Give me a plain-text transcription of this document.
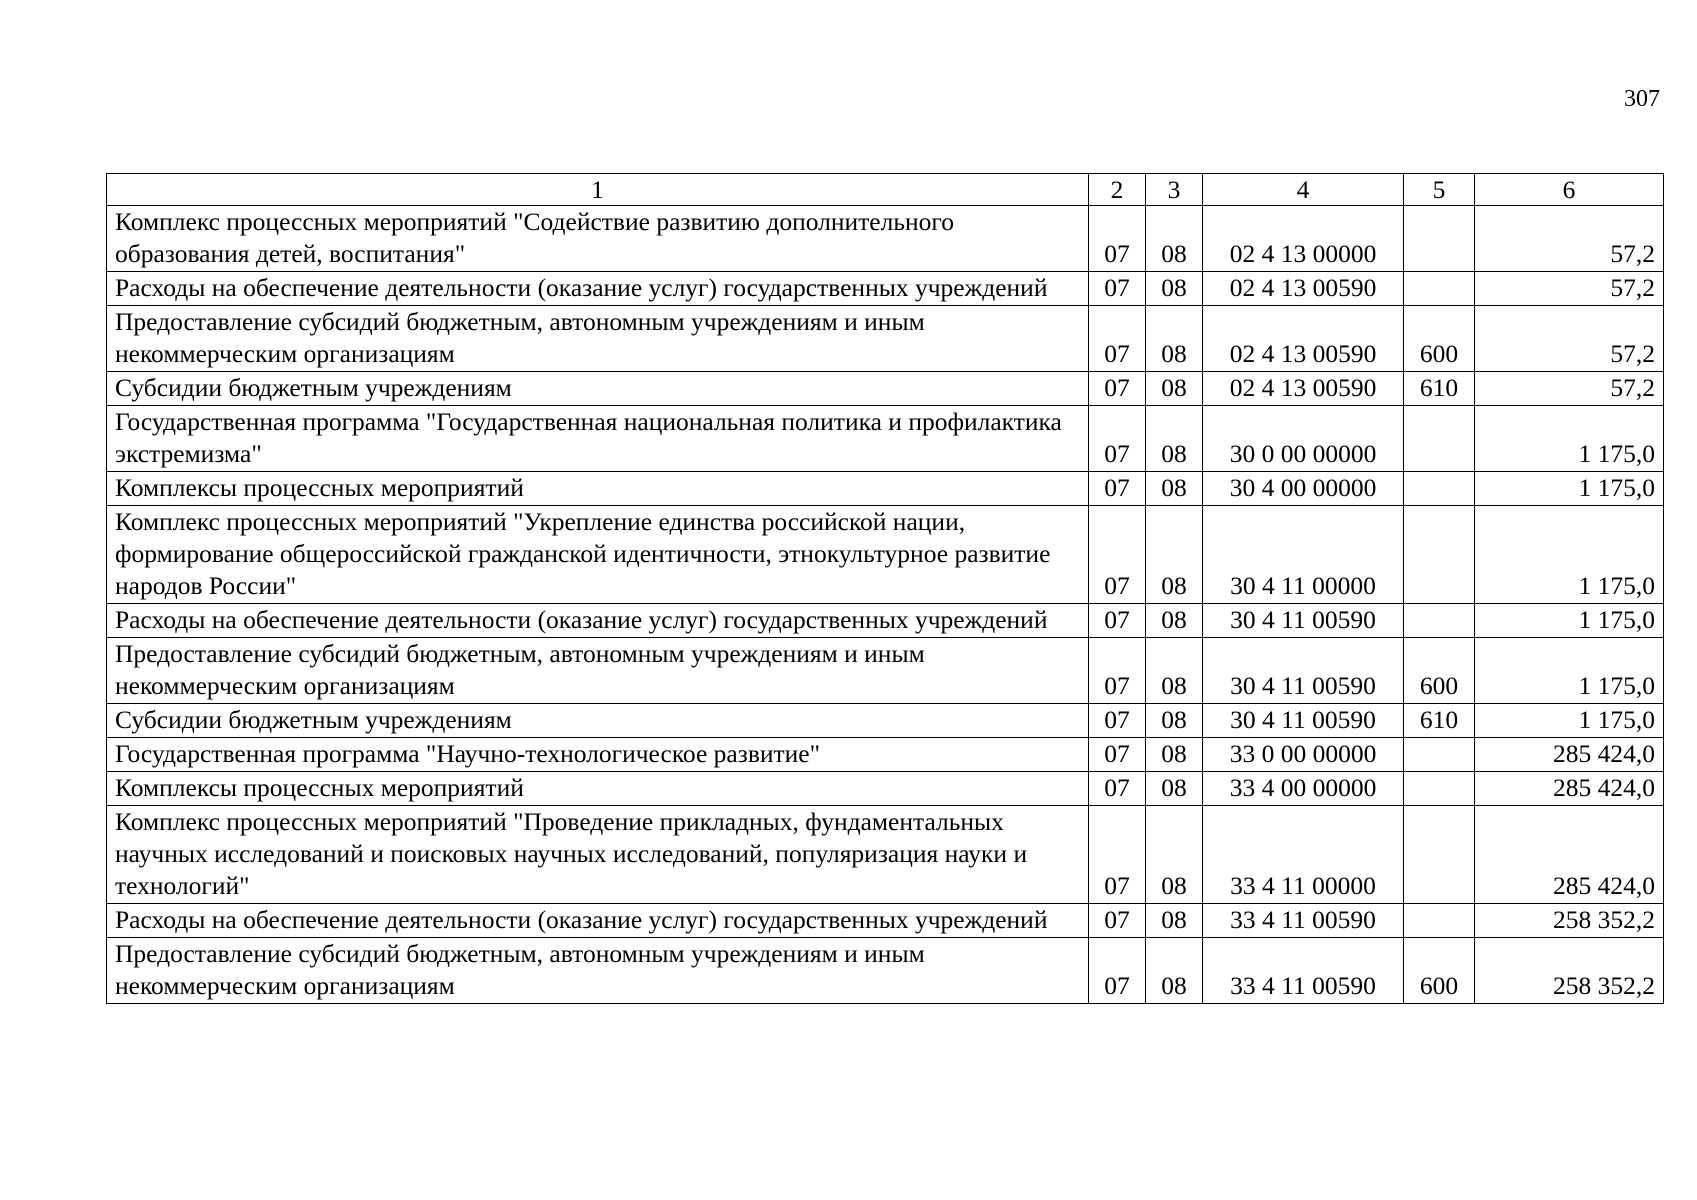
307
1	2	3	4	5	6
Комплекс процессных мероприятий "Содействие развитию дополнительного образования детей, воспитания"	07	08	02 4 13 00000		57,2
Расходы на обеспечение деятельности (оказание услуг) государственных учреждений	07	08	02 4 13 00590		57,2
Предоставление субсидий бюджетным, автономным учреждениям и иным некоммерческим организациям	07	08	02 4 13 00590	600	57,2
Субсидии бюджетным учреждениям	07	08	02 4 13 00590	610	57,2
Государственная программа "Государственная национальная политика и профилактика экстремизма"	07	08	30 0 00 00000		1 175,0
Комплексы процессных мероприятий	07	08	30 4 00 00000		1 175,0
Комплекс процессных мероприятий "Укрепление единства российской нации, формирование общероссийской гражданской идентичности, этнокультурное развитие народов России"	07	08	30 4 11 00000		1 175,0
Расходы на обеспечение деятельности (оказание услуг) государственных учреждений	07	08	30 4 11 00590		1 175,0
Предоставление субсидий бюджетным, автономным учреждениям и иным некоммерческим организациям	07	08	30 4 11 00590	600	1 175,0
Субсидии бюджетным учреждениям	07	08	30 4 11 00590	610	1 175,0
Государственная программа "Научно-технологическое развитие"	07	08	33 0 00 00000		285 424,0
Комплексы процессных мероприятий	07	08	33 4 00 00000		285 424,0
Комплекс процессных мероприятий "Проведение прикладных, фундаментальных научных исследований и поисковых научных исследований, популяризация науки и технологий"	07	08	33 4 11 00000		285 424,0
Расходы на обеспечение деятельности (оказание услуг) государственных учреждений	07	08	33 4 11 00590		258 352,2
Предоставление субсидий бюджетным, автономным учреждениям и иным некоммерческим организациям	07	08	33 4 11 00590	600	258 352,2
